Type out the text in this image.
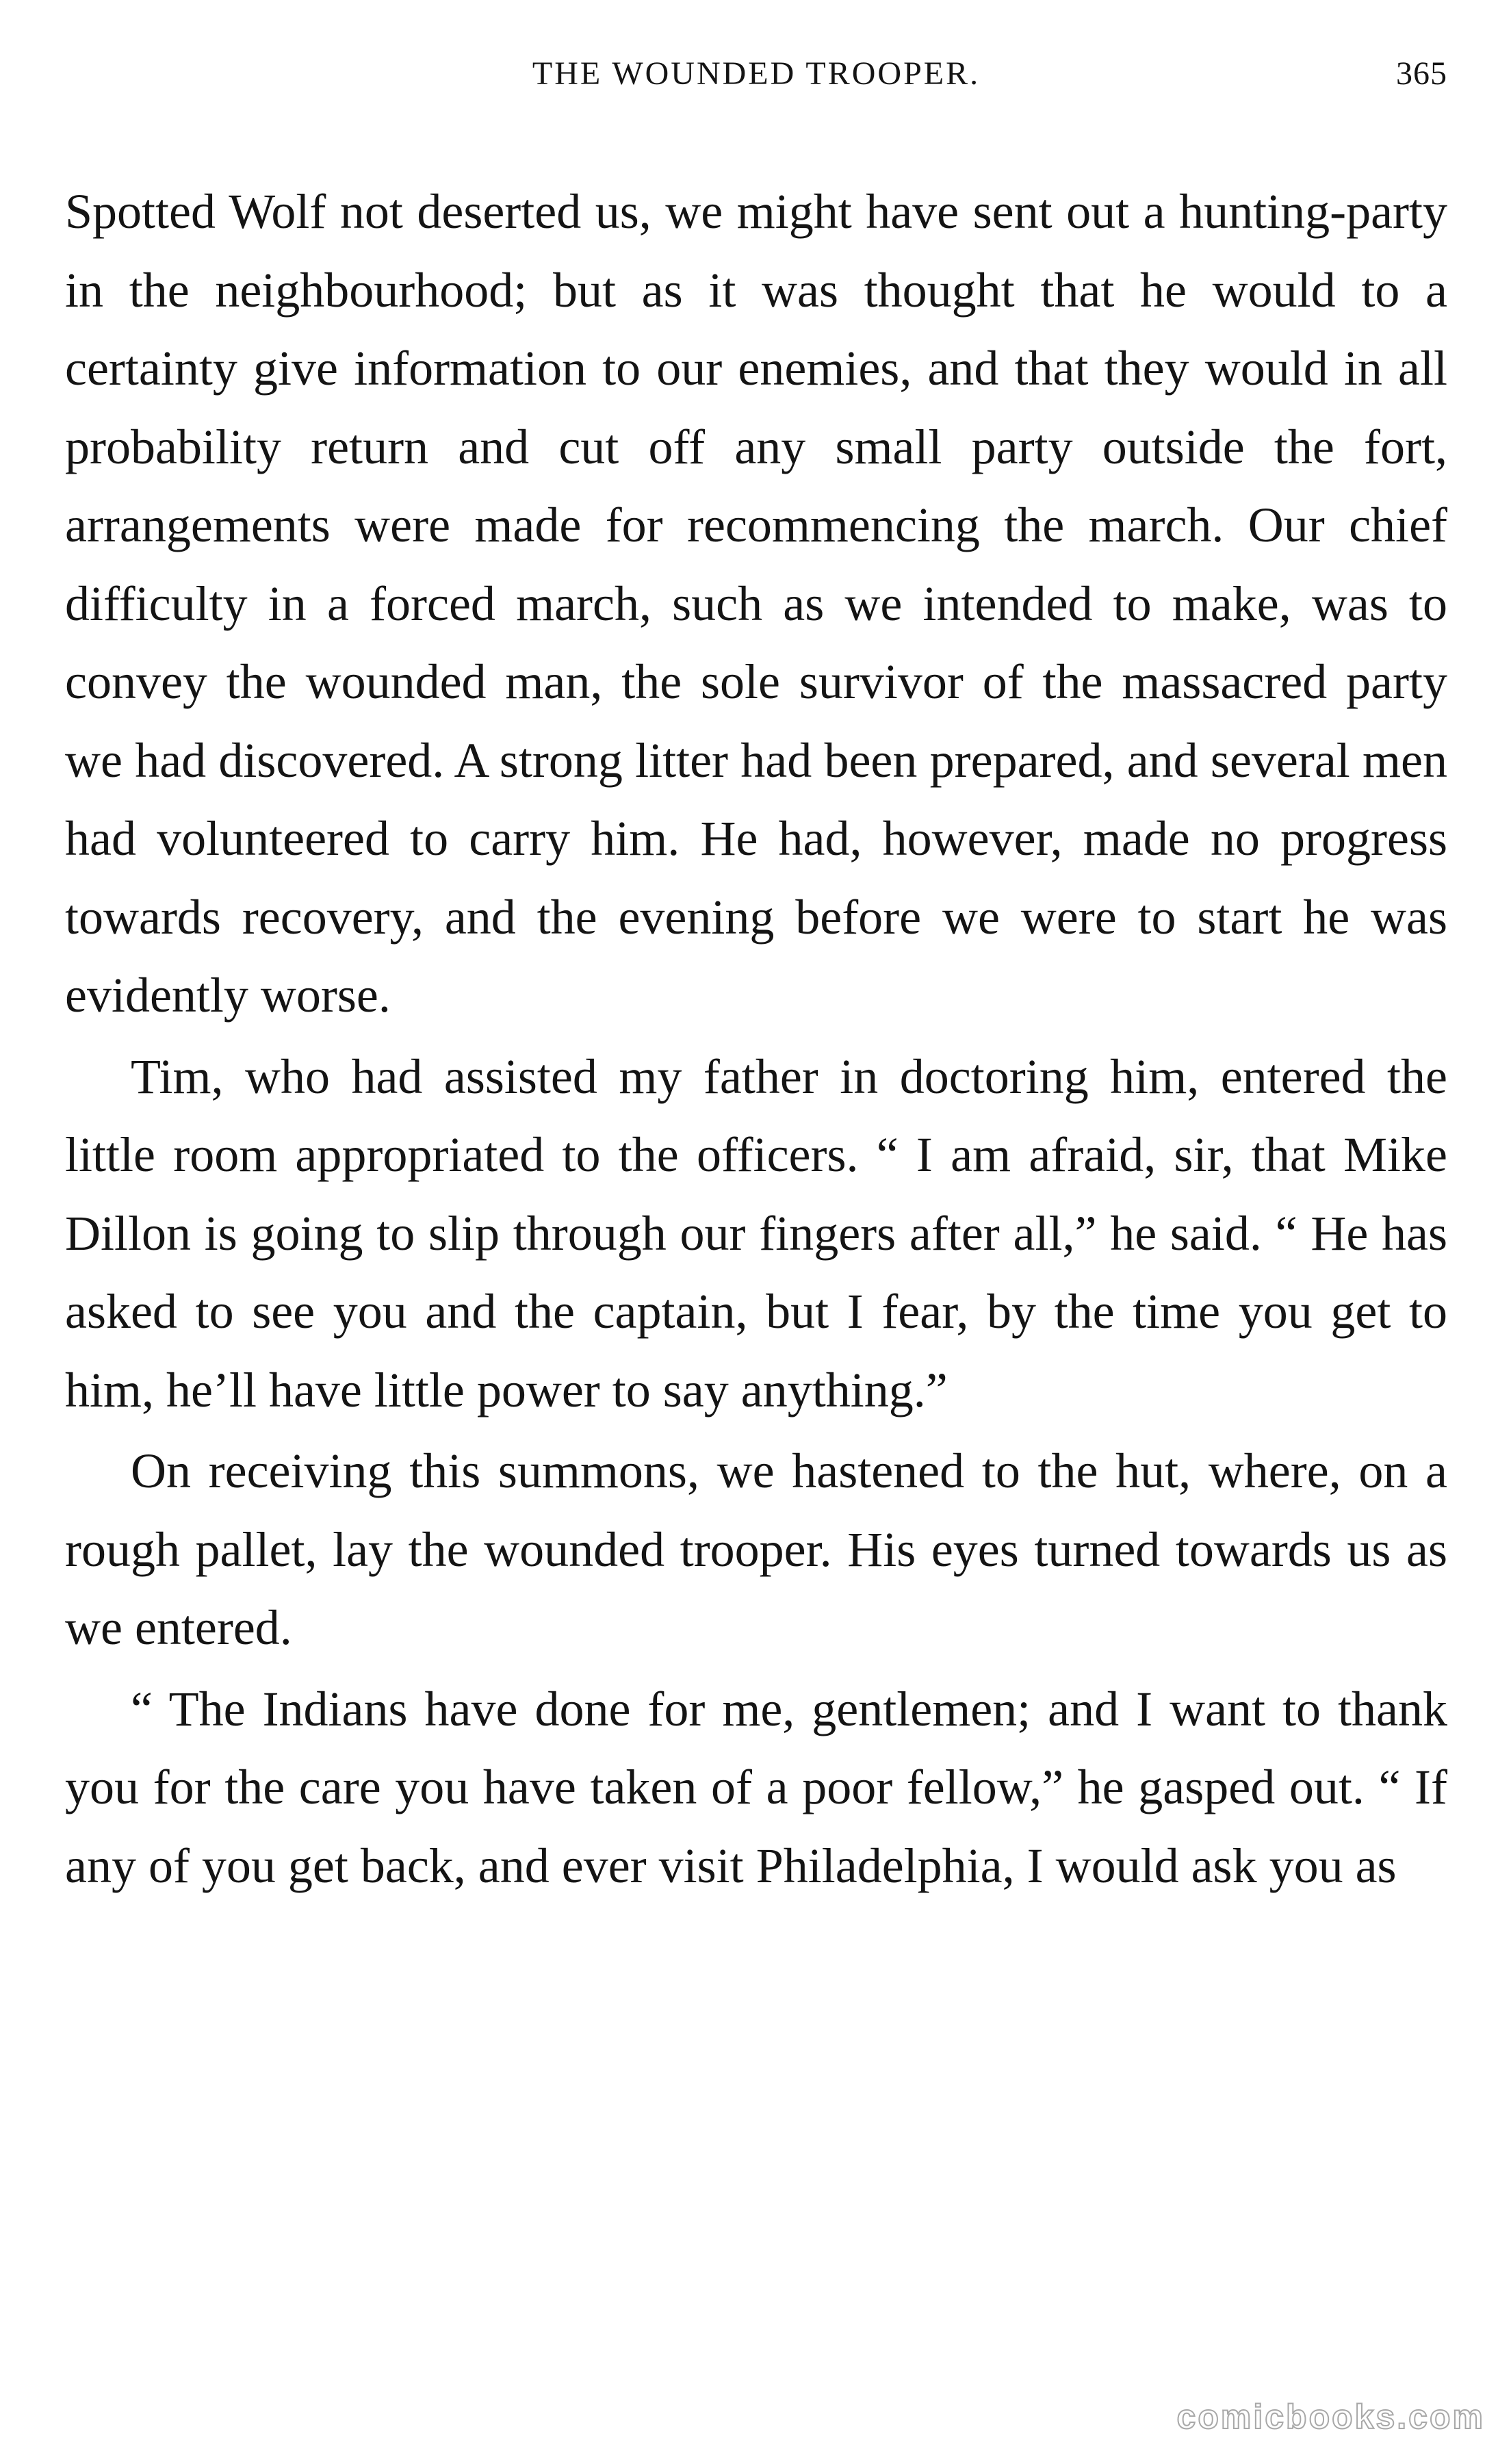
THE WOUNDED TROOPER.	365

Spotted Wolf not deserted us, we might have sent out a hunting-party in the neighbourhood; but as it was thought that he would to a certainty give information to our enemies, and that they would in all probability return and cut off any small party outside the fort, arrangements were made for recommencing the march. Our chief difficulty in a forced march, such as we intended to make, was to convey the wounded man, the sole survivor of the massacred party we had discovered. A strong litter had been prepared, and several men had volunteered to carry him. He had, however, made no progress towards recovery, and the evening before we were to start he was evidently worse.

Tim, who had assisted my father in doctoring him, entered the little room appropriated to the officers. “ I am afraid, sir, that Mike Dillon is going to slip through our fingers after all,” he said. “ He has asked to see you and the captain, but I fear, by the time you get to him, he’ll have little power to say anything.”

On receiving this summons, we hastened to the hut, where, on a rough pallet, lay the wounded trooper. His eyes turned towards us as we entered.

“ The Indians have done for me, gentlemen; and I want to thank you for the care you have taken of a poor fellow,” he gasped out. “ If any of you get back, and ever visit Philadelphia, I would ask you as

comicbooks.com
